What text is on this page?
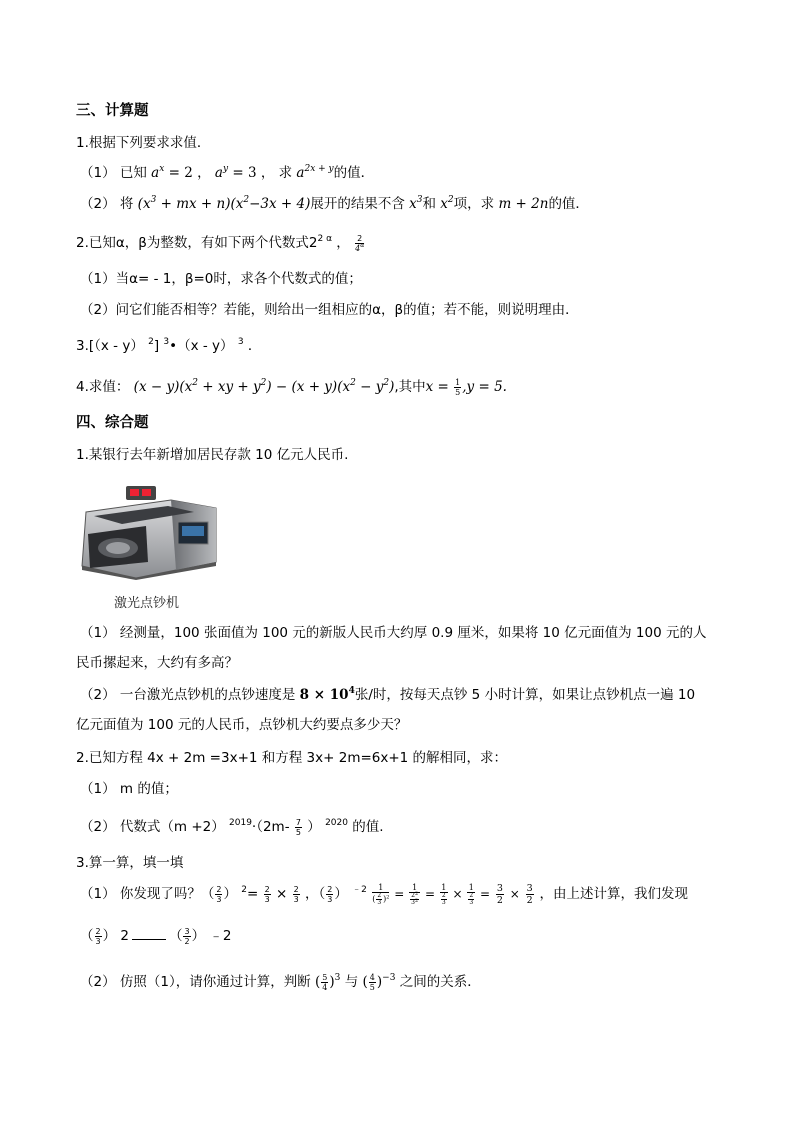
三、计算题
1.根据下列要求求值．
（1） 已知 $a^x = 2$ ， $a^y = 3$ ， 求 $a^{2x + y}$的值．
（2） 将 ($x^3$ + mx + $n)(x^2-3x + 4)$展开的结果不含 $x^3$和 $x^2$项，求 m + 2n的值．
2.已知α，β为整数，有如下两个代数式$2^{2 \alpha}$ ， $\frac{2}{4^\alpha}$
（1）当α= - 1，β=0时，求各个代数式的值；
（2）问它们能否相等？若能，则给出一组相应的α，β的值；若不能，则说明理由．
3.[（x - y） $^2$] $^3$•（x - y） $^3$ ．
4.求值： $(x - y)(x^2$ + xy + $y^2) - (x + y)(x^2 - y^2)$,其中$x = \frac{1}{5} ,y = 5$.
四、综合题
1.某银行去年新增加居民存款 10 亿元人民币.
激光点钞机
（1） 经测量，100 张面值为 100 元的新版人民币大约厚 0.9 厘米，如果将 10 亿元面值为 100 元的人
民币摞起来，大约有多高？
（2） 一台激光点钞机的点钞速度是 $8 \times 10^4$张/时，按每天点钞 5 小时计算，如果让点钞机点一遍 10
亿元面值为 100 元的人民币，点钞机大约要点多少天？
2.已知方程 4x + 2m =3x+1 和方程 3x+ 2m=6x+1 的解相同，求：
（1） m 的值；
（2） 代数式（m +2） $^{2019}\cdot(2m- \frac{7}{5}$ ） $^{2020}$ 的值.
3.算一算，填一填
（1） 你发现了吗？（ $\frac{2}{3}$ ） $^2= \frac{2}{3} \times \frac{2}{3}$ ，（ $\frac{2}{3}$ ） $^{﹣2} \frac{1}{( \frac{2}{3} )^2} = \frac{1}{\frac{2^2}{3^2}} = \frac{1}{\frac{2}{3}} \times \frac{1}{\frac{2}{3}} = \frac{3}{2} \times \frac{3}{2}$ ，由上述计算，我们发现
（ $\frac{2}{3}$ ） 2	（ $\frac{3}{2}$ ） ﹣2
（2） 仿照（1），请你通过计算，判断 ( $\frac{5}{4} )^3$ 与 ( $\frac{4}{5} )^{-3}$ 之间的关系．
